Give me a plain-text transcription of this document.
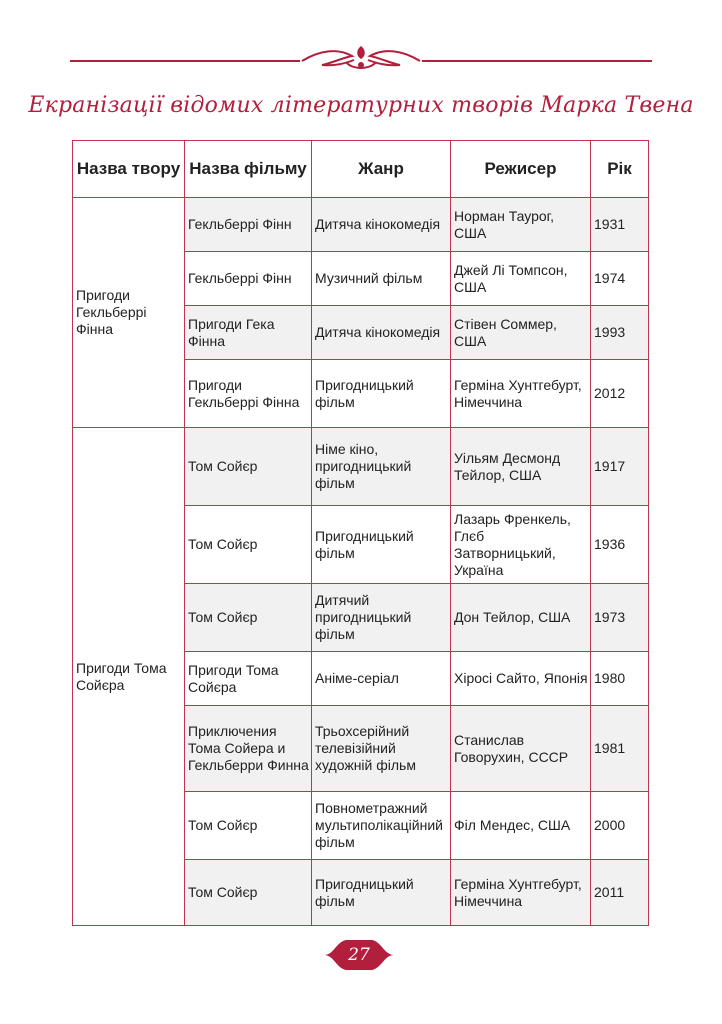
Екранізації відомих літературних творів Марка Твена
Назва твору	Назва фільму	Жанр	Режисер	Рік
Пригоди Гекльберрі Фінна	Гекльберрі Фінн	Дитяча кінокомедія	Норман Таурог, США	1931
	Гекльберрі Фінн	Музичний фільм	Джей Лі Томпсон, США	1974
	Пригоди Гека Фінна	Дитяча кінокомедія	Стівен Соммер, США	1993
	Пригоди Гекльберрі Фінна	Пригодницький фільм	Герміна Хунтгебурт, Німеччина	2012
Пригоди Тома Сойєра	Том Сойєр	Німе кіно, пригодницький фільм	Уільям Десмонд Тейлор, США	1917
	Том Сойєр	Пригодницький фільм	Лазарь Френкель, Глєб Затворницький, Україна	1936
	Том Сойєр	Дитячий пригодницький фільм	Дон Тейлор, США	1973
	Пригоди Тома Сойєра	Аніме-серіал	Хіросі Сайто, Японія	1980
	Приключения Тома Сойера и Гекльберри Финна	Трьохсерійний телевізійний художній фільм	Станислав Говорухин, СССР	1981
	Том Сойєр	Повнометражний мультиполікаційний фільм	Філ Мендес, США	2000
	Том Сойєр	Пригодницький фільм	Герміна Хунтгебурт, Німеччина	2011
27
